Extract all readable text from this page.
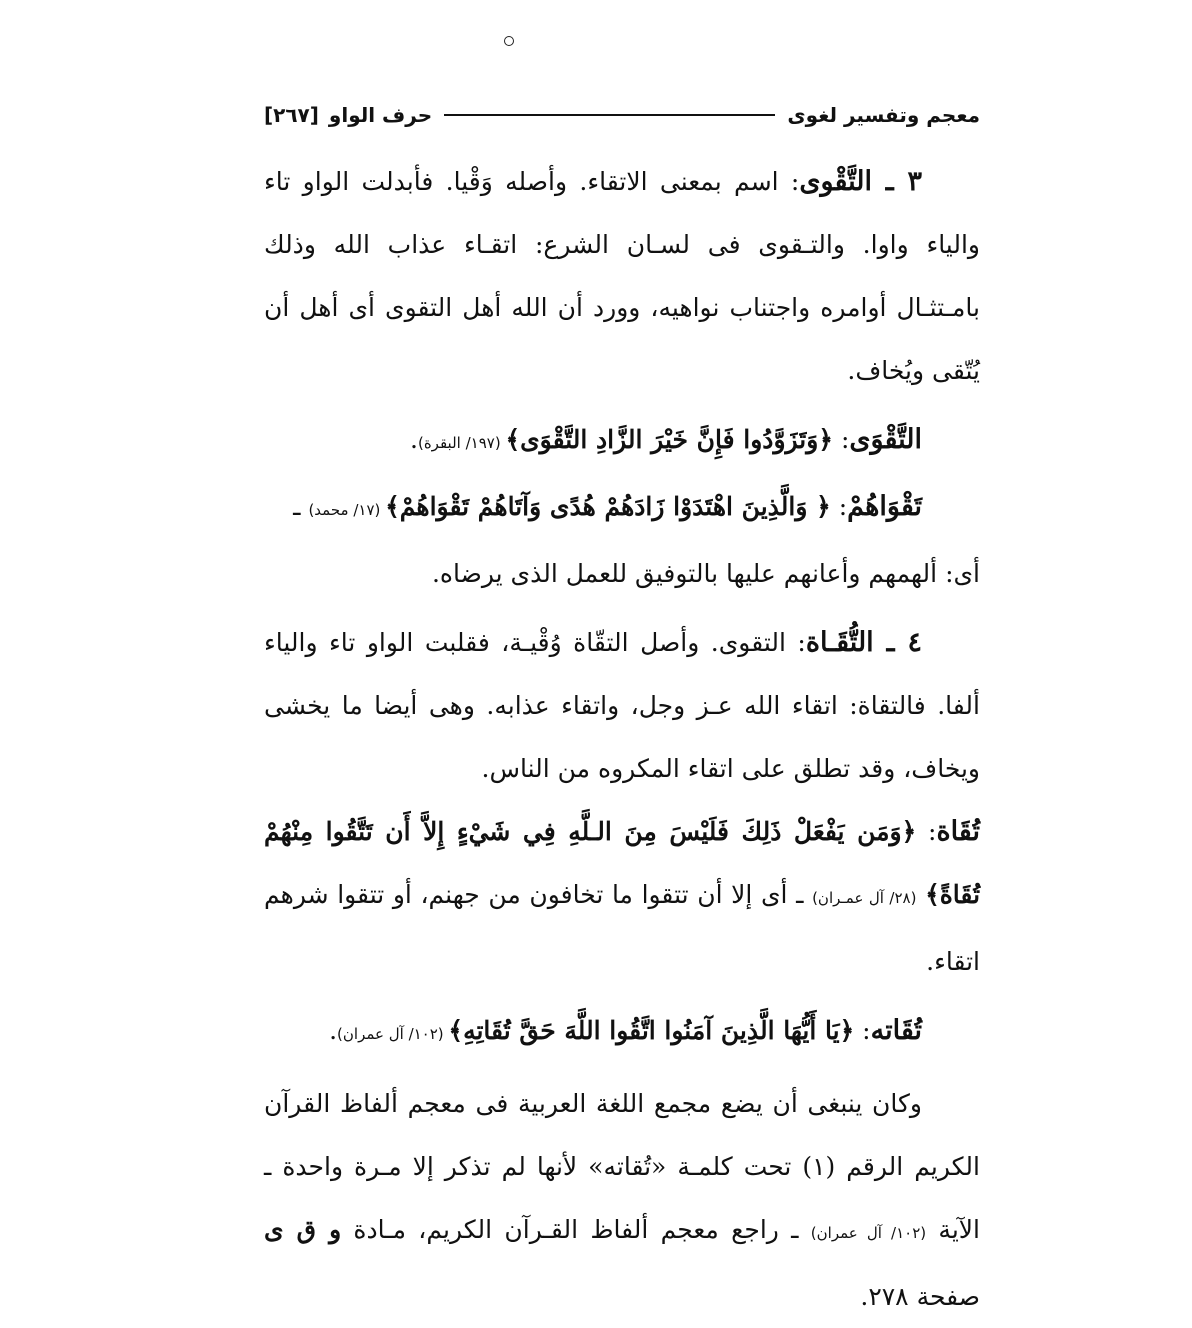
معجم وتفسير لغوى
حرف الواو
[٢٦٧]

٣ ـ التَّقْوى: اسم بمعنى الاتقاء. وأصله وَقْيا. فأبدلت الواو تاء والياء واوا. والتـقوى فى لسـان الشرع: اتقـاء عذاب الله وذلك بامـتثـال أوامره واجتناب نواهيه، وورد أن الله أهل التقوى أى أهل أن يُتّقى ويُخاف.

التَّقْوَى: ﴿وَتَزَوَّدُوا فَإِنَّ خَيْرَ الزَّادِ التَّقْوَى﴾ (١٩٧/ البقرة).

تَقْوَاهُمْ: ﴿ وَالَّذِينَ اهْتَدَوْا زَادَهُمْ هُدًى وَآتَاهُمْ تَقْوَاهُمْ﴾ (١٧/ محمد) ـ

أى: ألهمهم وأعانهم عليها بالتوفيق للعمل الذى يرضاه.

٤ ـ التُّقَـاة: التقوى. وأصل التقّاة وُقْيـة، فقلبت الواو تاء والياء ألفا. فالتقاة: اتقاء الله عـز وجل، واتقاء عذابه. وهى أيضا ما يخشى ويخاف، وقد تطلق على اتقاء المكروه من الناس.

تُقَاة: ﴿وَمَن يَفْعَلْ ذَلِكَ فَلَيْسَ مِنَ الـلَّهِ فِي شَيْءٍ إِلاَّ أَن تَتَّقُوا مِنْهُمْ تُقَاةً﴾ (٢٨/ آل عمـران) ـ أى إلا أن تتقوا ما تخافون من جهنم، أو تتقوا شرهم اتقاء.

تُقَاته: ﴿يَا أَيُّهَا الَّذِينَ آمَنُوا اتَّقُوا اللَّهَ حَقَّ تُقَاتِهِ﴾ (١٠٢/ آل عمران).

وكان ينبغى أن يضع مجمع اللغة العربية فى معجم ألفاظ القرآن الكريم الرقم (١) تحت كلمـة «تُقاته» لأنها لم تذكر إلا مـرة واحدة ـ الآية (١٠٢/ آل عمران) ـ راجع معجم ألفاظ القـرآن الكريم، مـادة و ق ى صفحة ٢٧٨.
